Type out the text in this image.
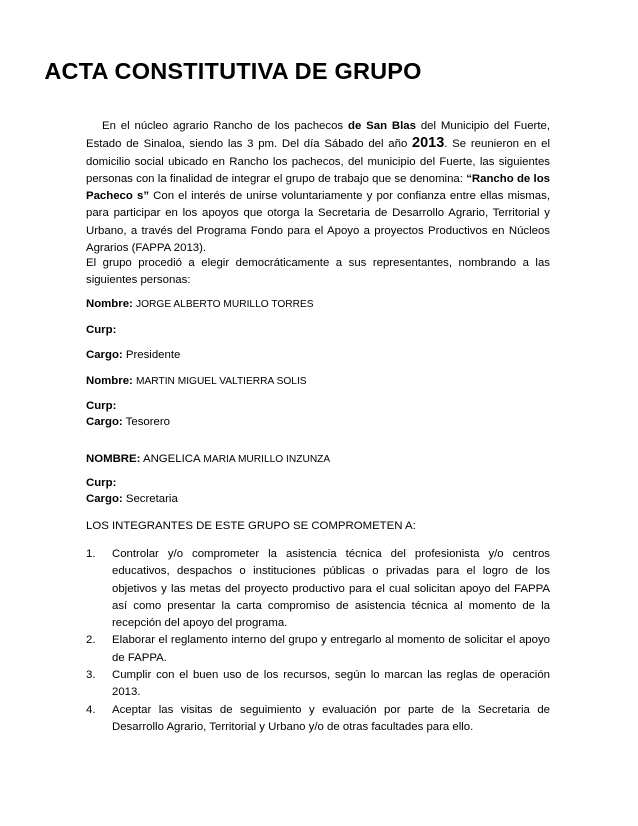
ACTA CONSTITUTIVA DE GRUPO

En el núcleo agrario Rancho de los pachecos de San Blas del Municipio del Fuerte, Estado de Sinaloa, siendo las 3 pm. Del día Sábado del año 2013. Se reunieron en el domicilio social ubicado en Rancho los pachecos, del municipio del Fuerte, las siguientes personas con la finalidad de integrar el grupo de trabajo que se denomina: “Rancho de los Pacheco s” Con el interés de unirse voluntariamente y por confianza entre ellas mismas, para participar en los apoyos que otorga la Secretaria de Desarrollo Agrario, Territorial y Urbano, a través del Programa Fondo para el Apoyo a proyectos Productivos en Núcleos Agrarios (FAPPA 2013).

El grupo procedió a elegir democráticamente a sus representantes, nombrando a las siguientes personas:

Nombre: JORGE ALBERTO MURILLO TORRES

Curp:

Cargo: Presidente

Nombre: MARTIN MIGUEL VALTIERRA SOLIS

Curp:

Cargo: Tesorero

NOMBRE: ANGELICA MARIA MURILLO INZUNZA

Curp:

Cargo: Secretaria

LOS INTEGRANTES DE ESTE GRUPO SE COMPROMETEN A:

1. Controlar y/o comprometer la asistencia técnica del profesionista y/o centros educativos, despachos o instituciones públicas o privadas para el logro de los objetivos y las metas del proyecto productivo para el cual solicitan apoyo del FAPPA así como presentar la carta compromiso de asistencia técnica al momento de la recepción del apoyo del programa.
2. Elaborar el reglamento interno del grupo y entregarlo al momento de solicitar el apoyo de FAPPA.
3. Cumplir con el buen uso de los recursos, según lo marcan las reglas de operación 2013.
4. Aceptar las visitas de seguimiento y evaluación por parte de la Secretaria de Desarrollo Agrario, Territorial y Urbano y/o de otras facultades para ello.
